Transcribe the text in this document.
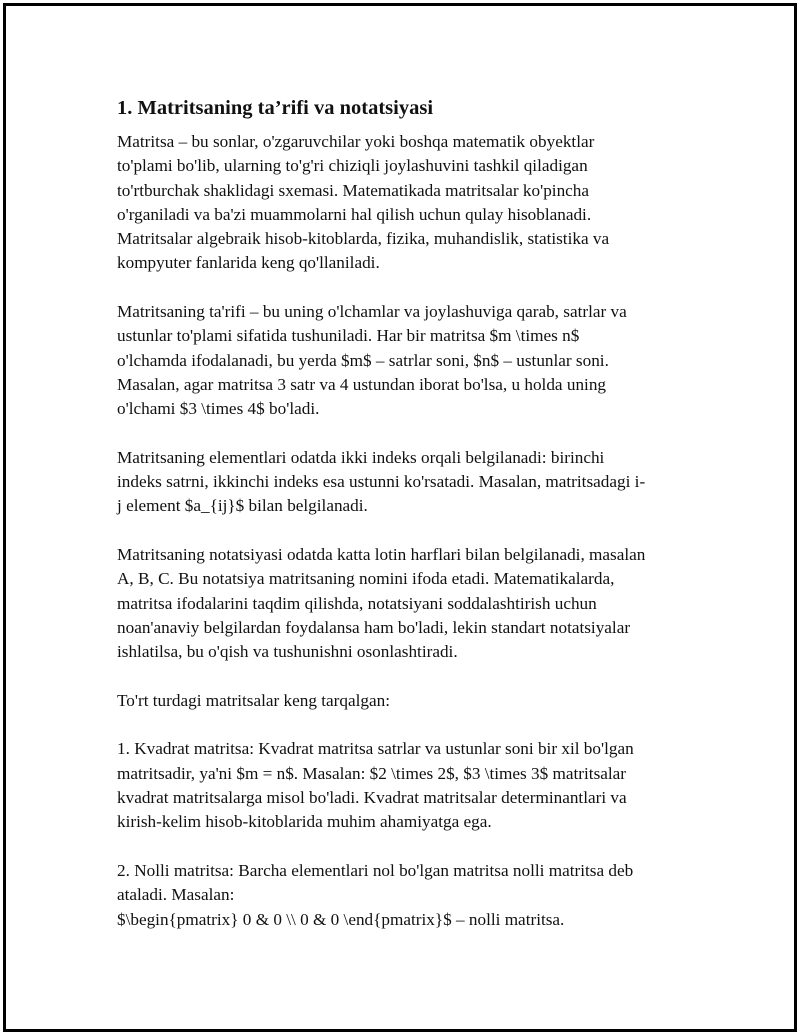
1. Matritsaning ta’rifi va notatsiyasi

Matritsa – bu sonlar, o'zgaruvchilar yoki boshqa matematik obyektlar
to'plami bo'lib, ularning to'g'ri chiziqli joylashuvini tashkil qiladigan
to'rtburchak shaklidagi sxemasi. Matematikada matritsalar ko'pincha
o'rganiladi va ba'zi muammolarni hal qilish uchun qulay hisoblanadi.
Matritsalar algebraik hisob-kitoblarda, fizika, muhandislik, statistika va
kompyuter fanlarida keng qo'llaniladi.

Matritsaning ta'rifi – bu uning o'lchamlar va joylashuviga qarab, satrlar va
ustunlar to'plami sifatida tushuniladi. Har bir matritsa $m \times n$
o'lchamda ifodalanadi, bu yerda $m$ – satrlar soni, $n$ – ustunlar soni.
Masalan, agar matritsa 3 satr va 4 ustundan iborat bo'lsa, u holda uning
o'lchami $3 \times 4$ bo'ladi.

Matritsaning elementlari odatda ikki indeks orqali belgilanadi: birinchi
indeks satrni, ikkinchi indeks esa ustunni ko'rsatadi. Masalan, matritsadagi i-
j element $a_{ij}$ bilan belgilanadi.

Matritsaning notatsiyasi odatda katta lotin harflari bilan belgilanadi, masalan
A, B, C. Bu notatsiya matritsaning nomini ifoda etadi. Matematikalarda,
matritsa ifodalarini taqdim qilishda, notatsiyani soddalashtirish uchun
noan'anaviy belgilardan foydalansa ham bo'ladi, lekin standart notatsiyalar
ishlatilsa, bu o'qish va tushunishni osonlashtiradi.

To'rt turdagi matritsalar keng tarqalgan:

1. Kvadrat matritsa: Kvadrat matritsa satrlar va ustunlar soni bir xil bo'lgan
matritsadir, ya'ni $m = n$. Masalan: $2 \times 2$, $3 \times 3$ matritsalar
kvadrat matritsalarga misol bo'ladi. Kvadrat matritsalar determinantlari va
kirish-kelim hisob-kitoblarida muhim ahamiyatga ega.

2. Nolli matritsa: Barcha elementlari nol bo'lgan matritsa nolli matritsa deb
ataladi. Masalan:
$\begin{pmatrix} 0 & 0 \\ 0 & 0 \end{pmatrix}$ – nolli matritsa.
